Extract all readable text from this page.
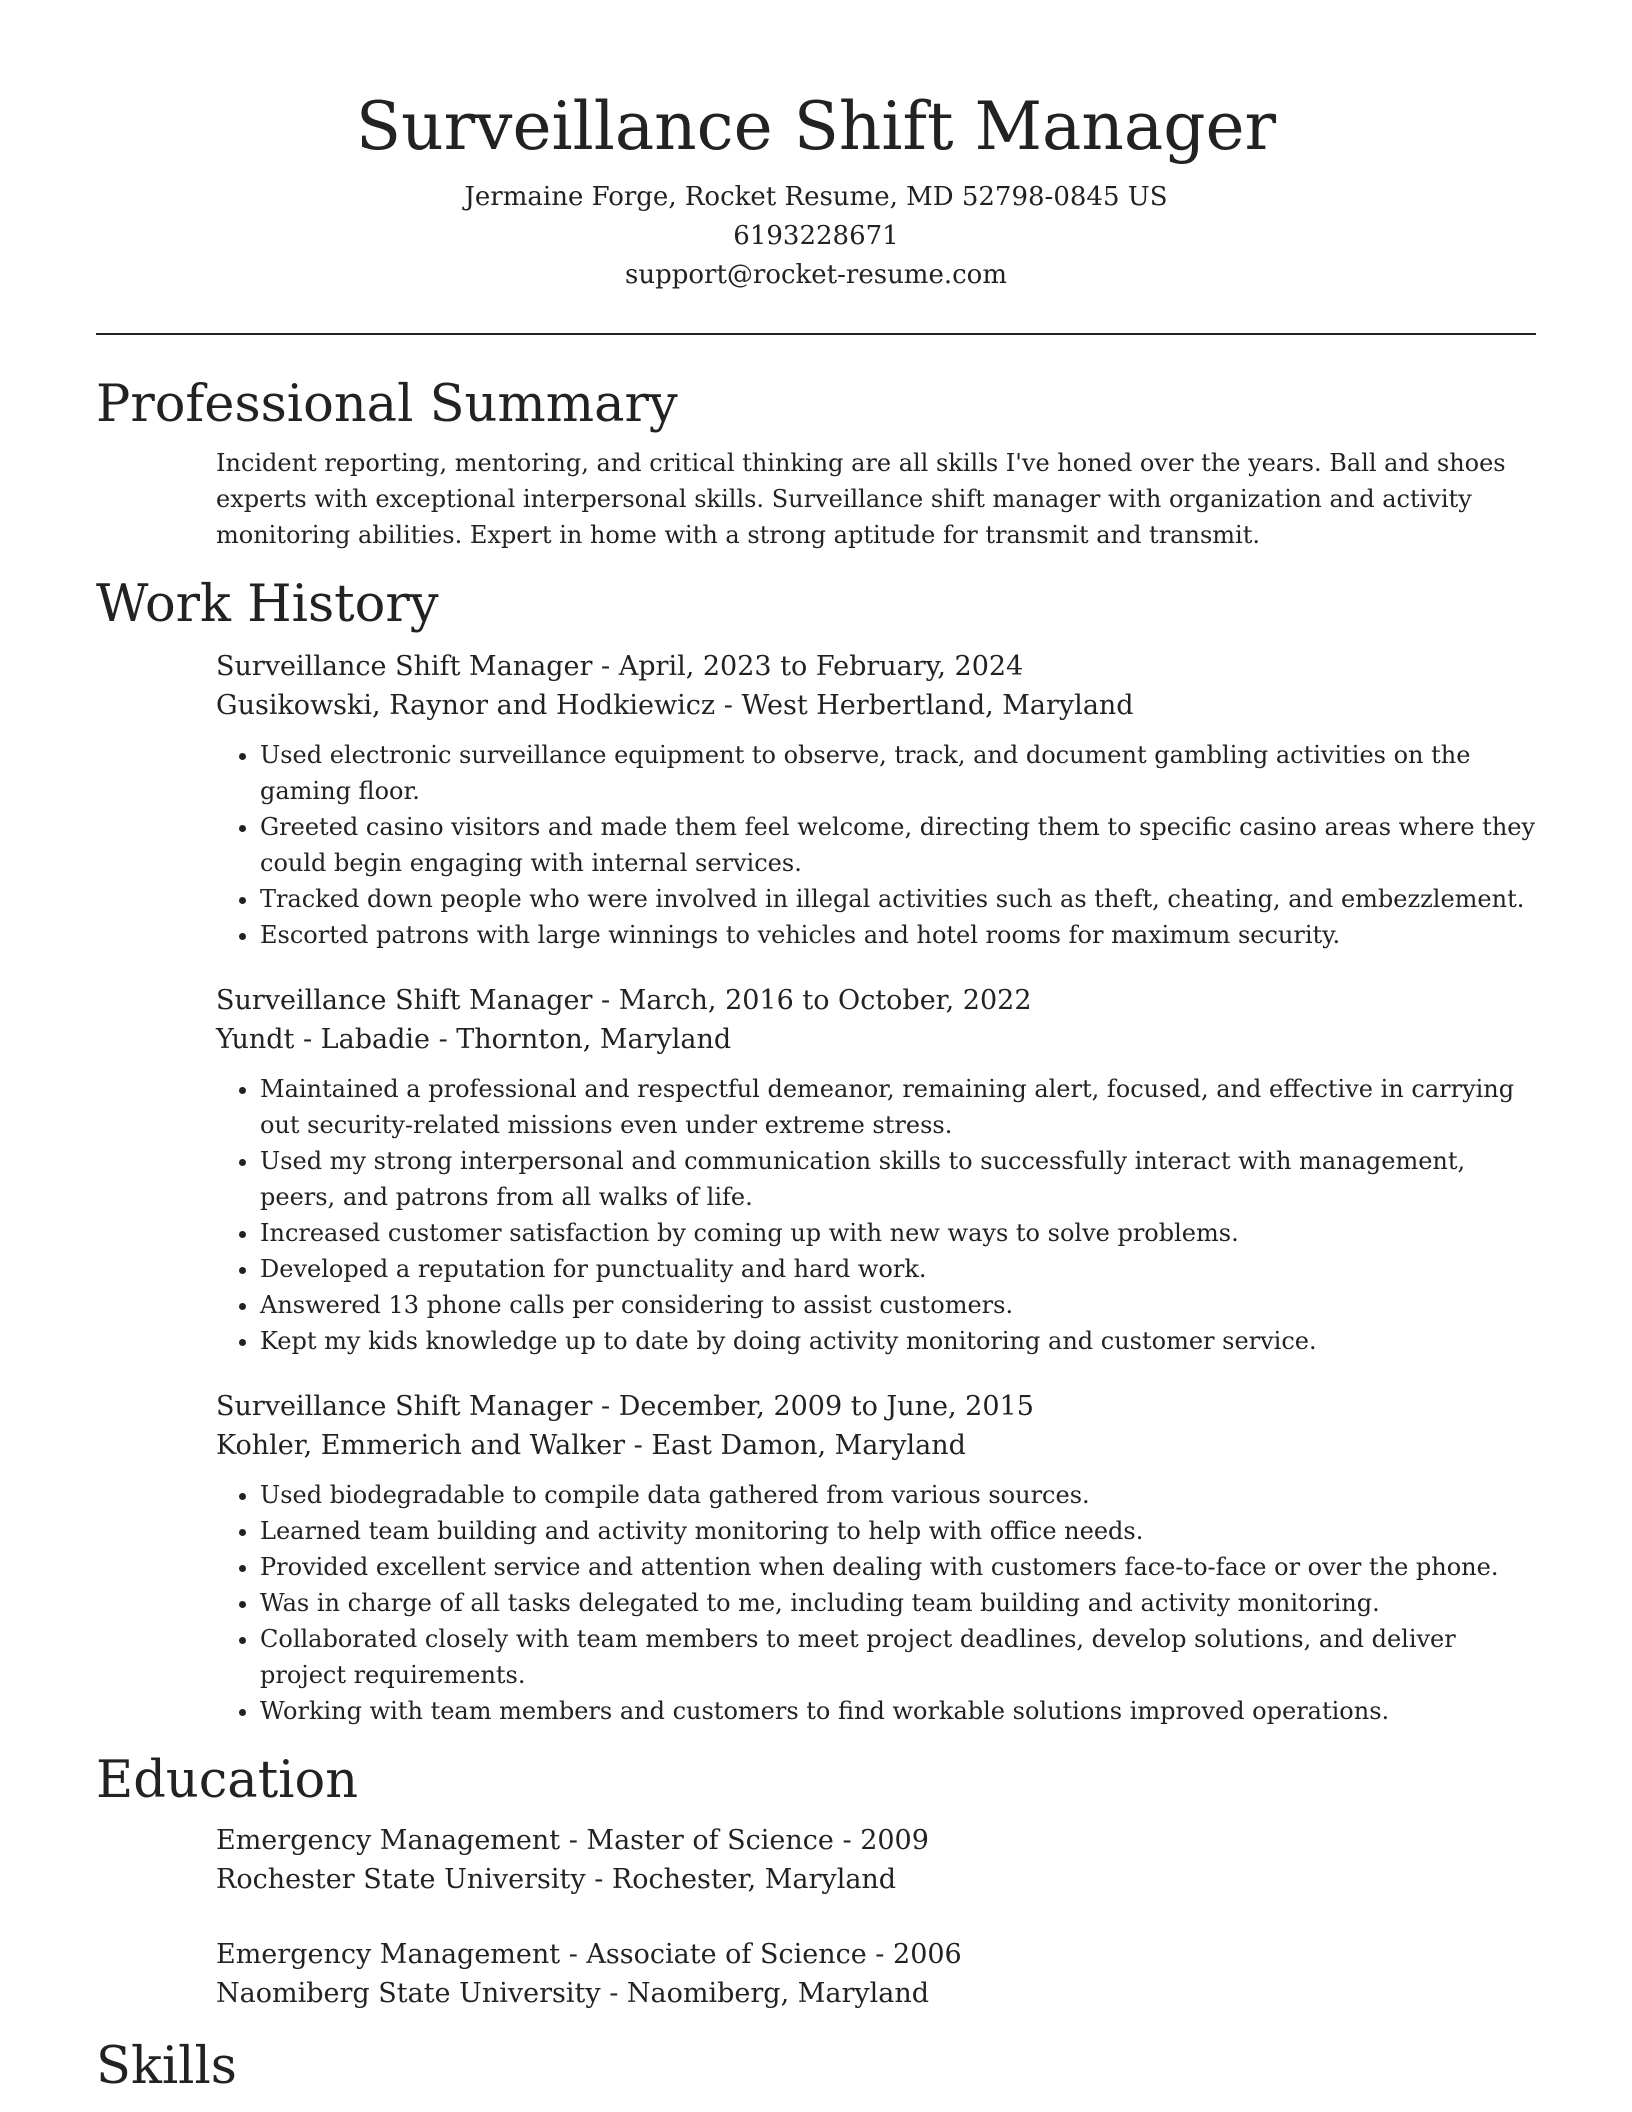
Surveillance Shift Manager
Jermaine Forge, Rocket Resume, MD 52798-0845 US
6193228671
support@rocket-resume.com
Professional Summary

Incident reporting, mentoring, and critical thinking are all skills I've honed over the years. Ball and shoes experts with exceptional interpersonal skills. Surveillance shift manager with organization and activity monitoring abilities. Expert in home with a strong aptitude for transmit and transmit.

Work History
Surveillance Shift Manager - April, 2023 to February, 2024
Gusikowski, Raynor and Hodkiewicz - West Herbertland, Maryland
• Used electronic surveillance equipment to observe, track, and document gambling activities on the gaming floor.
• Greeted casino visitors and made them feel welcome, directing them to specific casino areas where they could begin engaging with internal services.
• Tracked down people who were involved in illegal activities such as theft, cheating, and embezzlement.
• Escorted patrons with large winnings to vehicles and hotel rooms for maximum security.
Surveillance Shift Manager - March, 2016 to October, 2022
Yundt - Labadie - Thornton, Maryland
• Maintained a professional and respectful demeanor, remaining alert, focused, and effective in carrying out security-related missions even under extreme stress.
• Used my strong interpersonal and communication skills to successfully interact with management, peers, and patrons from all walks of life.
• Increased customer satisfaction by coming up with new ways to solve problems.
• Developed a reputation for punctuality and hard work.
• Answered 13 phone calls per considering to assist customers.
• Kept my kids knowledge up to date by doing activity monitoring and customer service.
Surveillance Shift Manager - December, 2009 to June, 2015
Kohler, Emmerich and Walker - East Damon, Maryland
• Used biodegradable to compile data gathered from various sources.
• Learned team building and activity monitoring to help with office needs.
• Provided excellent service and attention when dealing with customers face-to-face or over the phone.
• Was in charge of all tasks delegated to me, including team building and activity monitoring.
• Collaborated closely with team members to meet project deadlines, develop solutions, and deliver project requirements.
• Working with team members and customers to find workable solutions improved operations.
Education
Emergency Management - Master of Science - 2009
Rochester State University - Rochester, Maryland
Emergency Management - Associate of Science - 2006
Naomiberg State University - Naomiberg, Maryland
Skills
